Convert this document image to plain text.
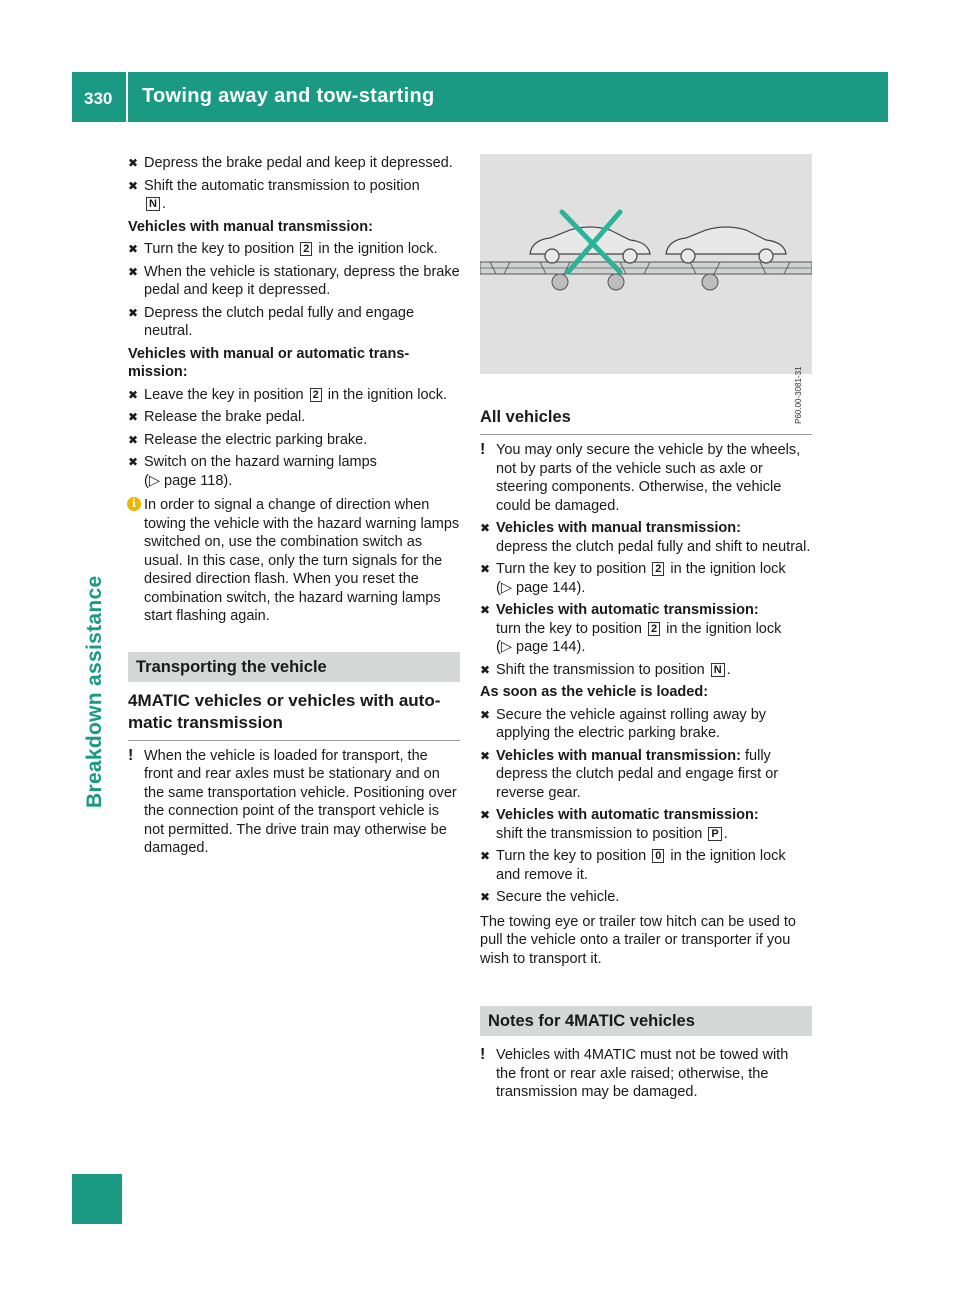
330 Towing away and tow-starting
Breakdown assistance
✖ Depress the brake pedal and keep it depressed.
✖ Shift the automatic transmission to position
N .

Vehicles with manual transmission:

✖ Turn the key to position 2 in the ignition lock.
✖ When the vehicle is stationary, depress the brake pedal and keep it depressed.
✖ Depress the clutch pedal fully and engage neutral.

Vehicles with manual or automatic trans- mission:

✖ Leave the key in position 2 in the ignition lock.
✖ Release the brake pedal.
✖ Release the electric parking brake.
✖ Switch on the hazard warning lamps
(▷ page 118).
i In order to signal a change of direction when towing the vehicle with the hazard warning lamps switched on, use the combination switch as usual. In this case, only the turn signals for the desired direction flash. When you reset the combination switch, the hazard warning lamps start flashing again.

Transporting the vehicle

4MATIC vehicles or vehicles with auto- matic transmission

! When the vehicle is loaded for transport, the front and rear axles must be stationary and on the same transportation vehicle. Positioning over the connection point of the transport vehicle is not permitted. The drive train may otherwise be damaged.
P60.00-3081-31

All vehicles

! You may only secure the vehicle by the wheels, not by parts of the vehicle such as axle or steering components. Otherwise, the vehicle could be damaged.
✖ Vehicles with manual transmission:
depress the clutch pedal fully and shift to neutral.
✖ Turn the key to position 2 in the ignition lock
(▷ page 144).
✖ Vehicles with automatic transmission:
turn the key to position 2 in the ignition lock
(▷ page 144).
✖ Shift the transmission to position N .

As soon as the vehicle is loaded:

✖ Secure the vehicle against rolling away by applying the electric parking brake.
✖ Vehicles with manual transmission: fully depress the clutch pedal and engage first or reverse gear.
✖ Vehicles with automatic transmission:
shift the transmission to position P .
✖ Turn the key to position 0 in the ignition lock and remove it.
✖ Secure the vehicle.

The towing eye or trailer tow hitch can be used to pull the vehicle onto a trailer or transporter if you wish to transport it.

Notes for 4MATIC vehicles

! Vehicles with 4MATIC must not be towed with the front or rear axle raised; otherwise, the transmission may be damaged.
